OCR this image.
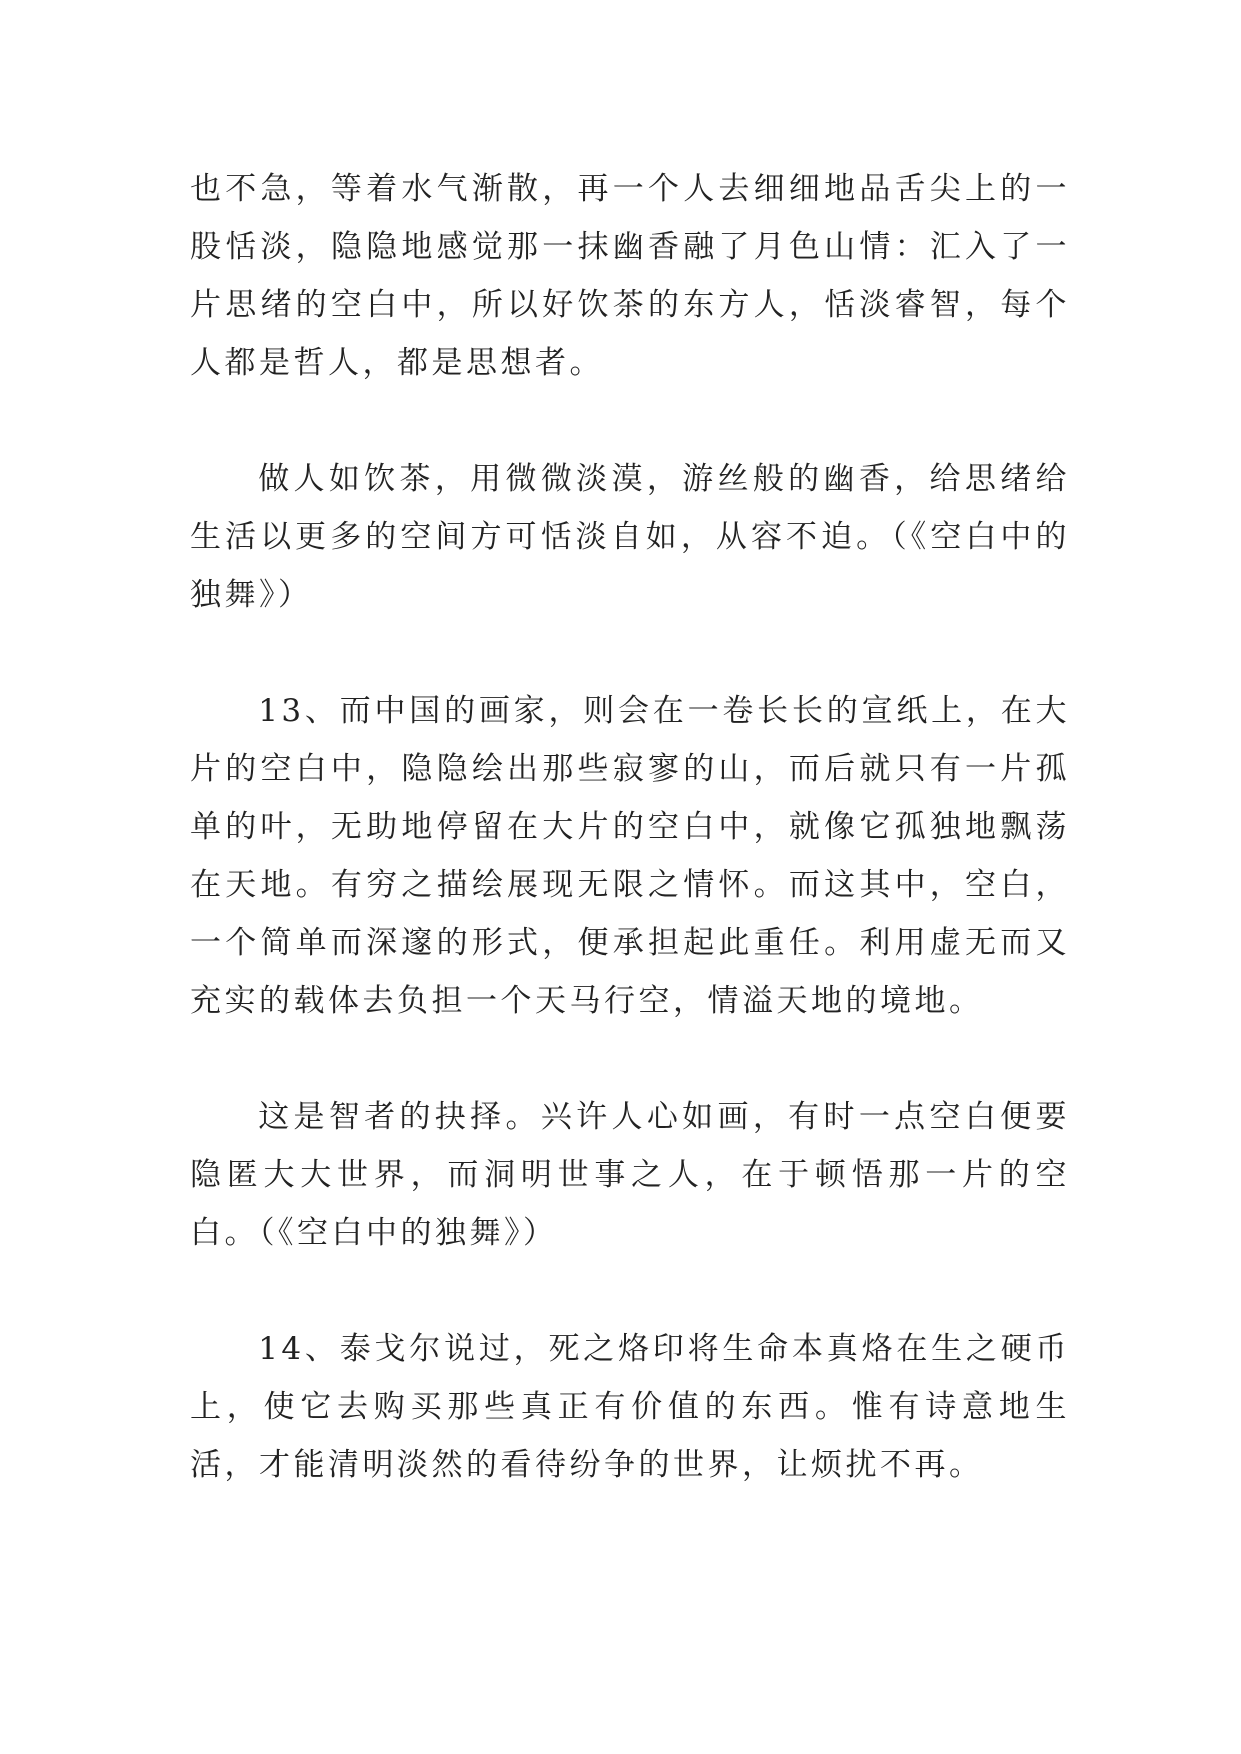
也不急，等着水气渐散，再一个人去细细地品舌尖上的一股恬淡，隐隐地感觉那一抹幽香融了月色山情：汇入了一片思绪的空白中，所以好饮茶的东方人，恬淡睿智，每个人都是哲人，都是思想者。

做人如饮茶，用微微淡漠，游丝般的幽香，给思绪给生活以更多的空间方可恬淡自如，从容不迫。（《空白中的独舞》）

13、而中国的画家，则会在一卷长长的宣纸上，在大片的空白中，隐隐绘出那些寂寥的山，而后就只有一片孤单的叶，无助地停留在大片的空白中，就像它孤独地飘荡在天地。有穷之描绘展现无限之情怀。而这其中，空白，一个简单而深邃的形式，便承担起此重任。利用虚无而又充实的载体去负担一个天马行空，情溢天地的境地。

这是智者的抉择。兴许人心如画，有时一点空白便要隐匿大大世界，而洞明世事之人，在于顿悟那一片的空白。（《空白中的独舞》）

14、泰戈尔说过，死之烙印将生命本真烙在生之硬币上，使它去购买那些真正有价值的东西。惟有诗意地生活，才能清明淡然的看待纷争的世界，让烦扰不再。
